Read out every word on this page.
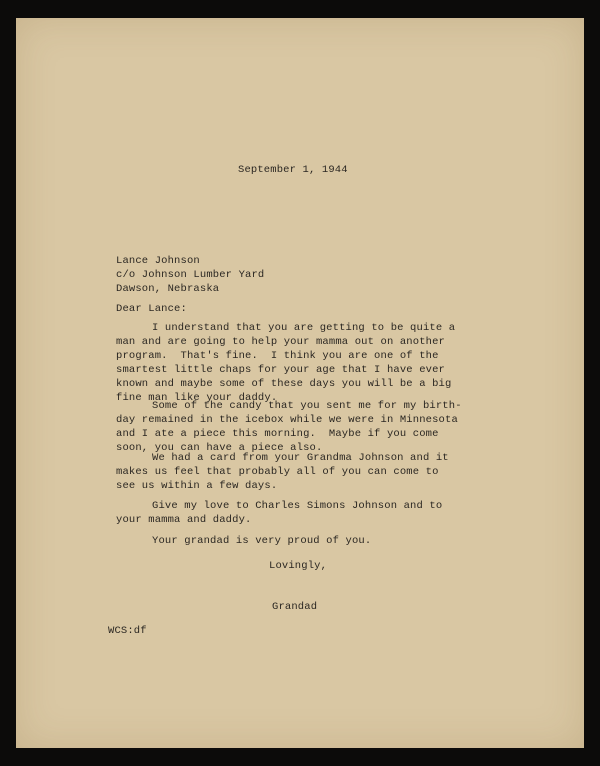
September 1, 1944

Lance Johnson
c/o Johnson Lumber Yard
Dawson, Nebraska

Dear Lance:

I understand that you are getting to be quite a
man and are going to help your mamma out on another
program.  That's fine.  I think you are one of the
smartest little chaps for your age that I have ever
known and maybe some of these days you will be a big
fine man like your daddy.
Some of the candy that you sent me for my birth-
day remained in the icebox while we were in Minnesota
and I ate a piece this morning.  Maybe if you come
soon, you can have a piece also.
We had a card from your Grandma Johnson and it
makes us feel that probably all of you can come to
see us within a few days.
Give my love to Charles Simons Johnson and to
your mamma and daddy.
Your grandad is very proud of you.

Lovingly,

Grandad

WCS:df
